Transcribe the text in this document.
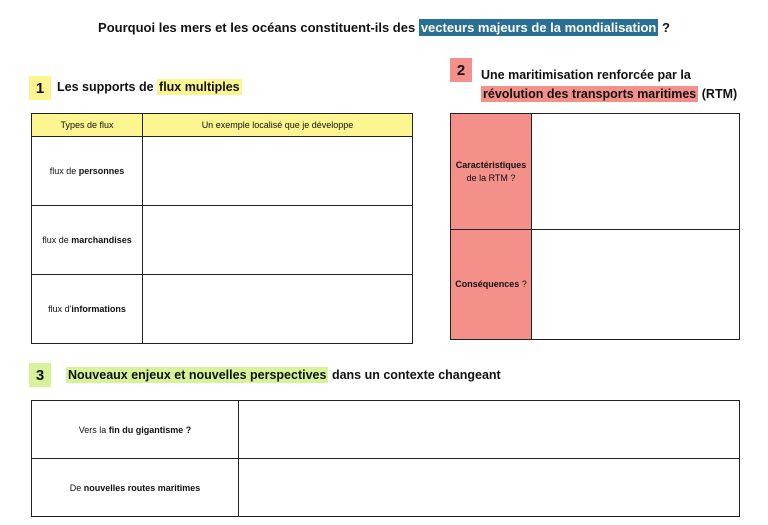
Pourquoi les mers et les océans constituent-ils des vecteurs majeurs de la mondialisation ?
1	Les supports de flux multiples
Types de flux	Un exemple localisé que je développe
flux de personnes	
flux de marchandises	
flux d'informations	
2	Une maritimisation renforcée par la
révolution des transports maritimes (RTM)
Caractéristiques
de la RTM ?	
Conséquences ?	
3	Nouveaux enjeux et nouvelles perspectives dans un contexte changeant
Vers la fin du gigantisme ?	
De nouvelles routes maritimes	
